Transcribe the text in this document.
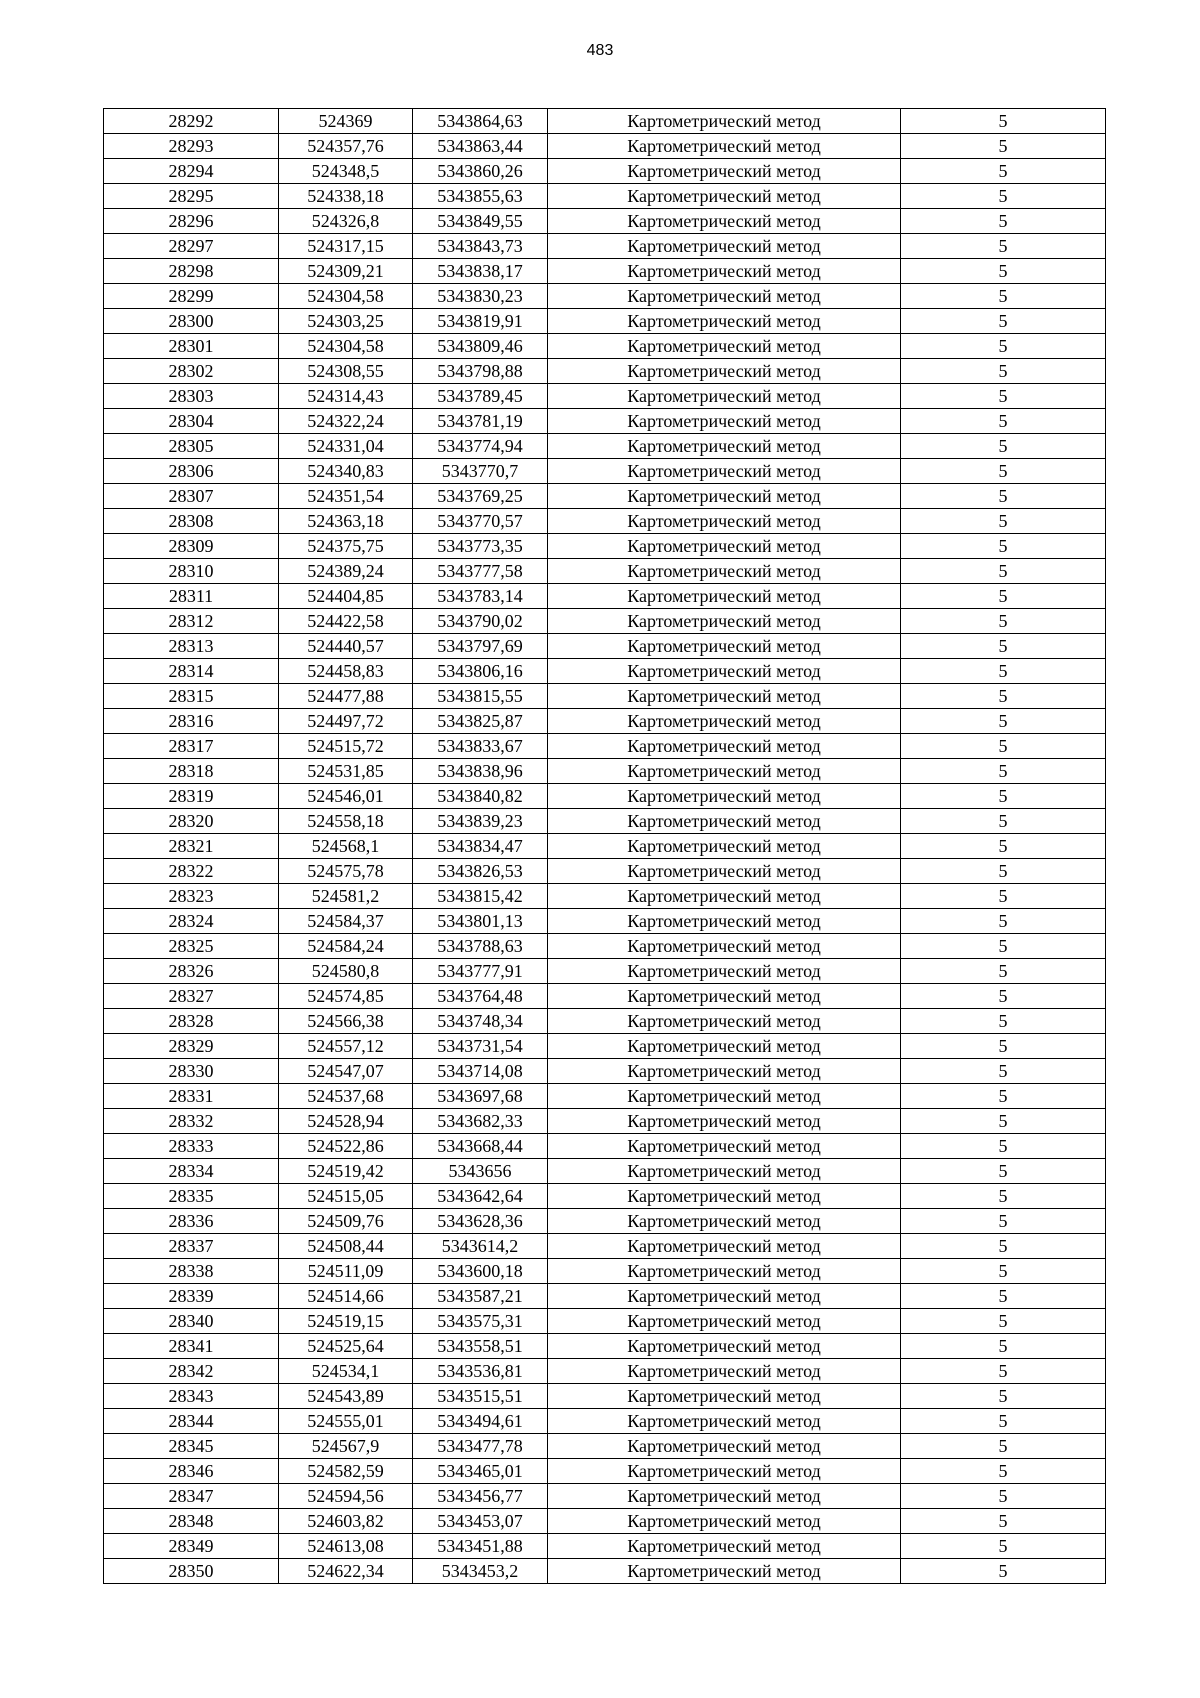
483
28292	524369	5343864,63	Картометрический метод	5
28293	524357,76	5343863,44	Картометрический метод	5
28294	524348,5	5343860,26	Картометрический метод	5
28295	524338,18	5343855,63	Картометрический метод	5
28296	524326,8	5343849,55	Картометрический метод	5
28297	524317,15	5343843,73	Картометрический метод	5
28298	524309,21	5343838,17	Картометрический метод	5
28299	524304,58	5343830,23	Картометрический метод	5
28300	524303,25	5343819,91	Картометрический метод	5
28301	524304,58	5343809,46	Картометрический метод	5
28302	524308,55	5343798,88	Картометрический метод	5
28303	524314,43	5343789,45	Картометрический метод	5
28304	524322,24	5343781,19	Картометрический метод	5
28305	524331,04	5343774,94	Картометрический метод	5
28306	524340,83	5343770,7	Картометрический метод	5
28307	524351,54	5343769,25	Картометрический метод	5
28308	524363,18	5343770,57	Картометрический метод	5
28309	524375,75	5343773,35	Картометрический метод	5
28310	524389,24	5343777,58	Картометрический метод	5
28311	524404,85	5343783,14	Картометрический метод	5
28312	524422,58	5343790,02	Картометрический метод	5
28313	524440,57	5343797,69	Картометрический метод	5
28314	524458,83	5343806,16	Картометрический метод	5
28315	524477,88	5343815,55	Картометрический метод	5
28316	524497,72	5343825,87	Картометрический метод	5
28317	524515,72	5343833,67	Картометрический метод	5
28318	524531,85	5343838,96	Картометрический метод	5
28319	524546,01	5343840,82	Картометрический метод	5
28320	524558,18	5343839,23	Картометрический метод	5
28321	524568,1	5343834,47	Картометрический метод	5
28322	524575,78	5343826,53	Картометрический метод	5
28323	524581,2	5343815,42	Картометрический метод	5
28324	524584,37	5343801,13	Картометрический метод	5
28325	524584,24	5343788,63	Картометрический метод	5
28326	524580,8	5343777,91	Картометрический метод	5
28327	524574,85	5343764,48	Картометрический метод	5
28328	524566,38	5343748,34	Картометрический метод	5
28329	524557,12	5343731,54	Картометрический метод	5
28330	524547,07	5343714,08	Картометрический метод	5
28331	524537,68	5343697,68	Картометрический метод	5
28332	524528,94	5343682,33	Картометрический метод	5
28333	524522,86	5343668,44	Картометрический метод	5
28334	524519,42	5343656	Картометрический метод	5
28335	524515,05	5343642,64	Картометрический метод	5
28336	524509,76	5343628,36	Картометрический метод	5
28337	524508,44	5343614,2	Картометрический метод	5
28338	524511,09	5343600,18	Картометрический метод	5
28339	524514,66	5343587,21	Картометрический метод	5
28340	524519,15	5343575,31	Картометрический метод	5
28341	524525,64	5343558,51	Картометрический метод	5
28342	524534,1	5343536,81	Картометрический метод	5
28343	524543,89	5343515,51	Картометрический метод	5
28344	524555,01	5343494,61	Картометрический метод	5
28345	524567,9	5343477,78	Картометрический метод	5
28346	524582,59	5343465,01	Картометрический метод	5
28347	524594,56	5343456,77	Картометрический метод	5
28348	524603,82	5343453,07	Картометрический метод	5
28349	524613,08	5343451,88	Картометрический метод	5
28350	524622,34	5343453,2	Картометрический метод	5
